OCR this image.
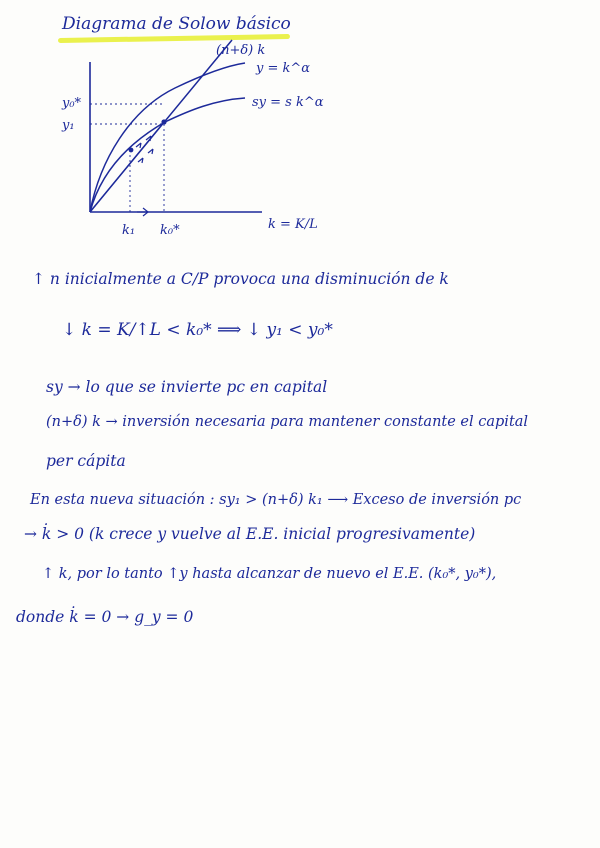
Diagrama de Solow básico
(n+δ) k
y = k^α
sy = s k^α
y₀*
y₁
k₁ k₀*	k = K/L
↑ n inicialmente a C/P provoca una disminución de k
↓ k = K/↑L < k₀* ⟹ ↓ y₁ < y₀*
sy → lo que se invierte pc en capital
(n+δ) k → inversión necesaria para mantener constante el capital
per cápita
En esta nueva situación : sy₁ > (n+δ) k₁ ⟶ Exceso de inversión pc
→ k̇ > 0 (k crece y vuelve al E.E. inicial progresivamente)
↑ k, por lo tanto ↑y hasta alcanzar de nuevo el E.E. (k₀*, y₀*),
donde k̇ = 0 → g_y = 0
